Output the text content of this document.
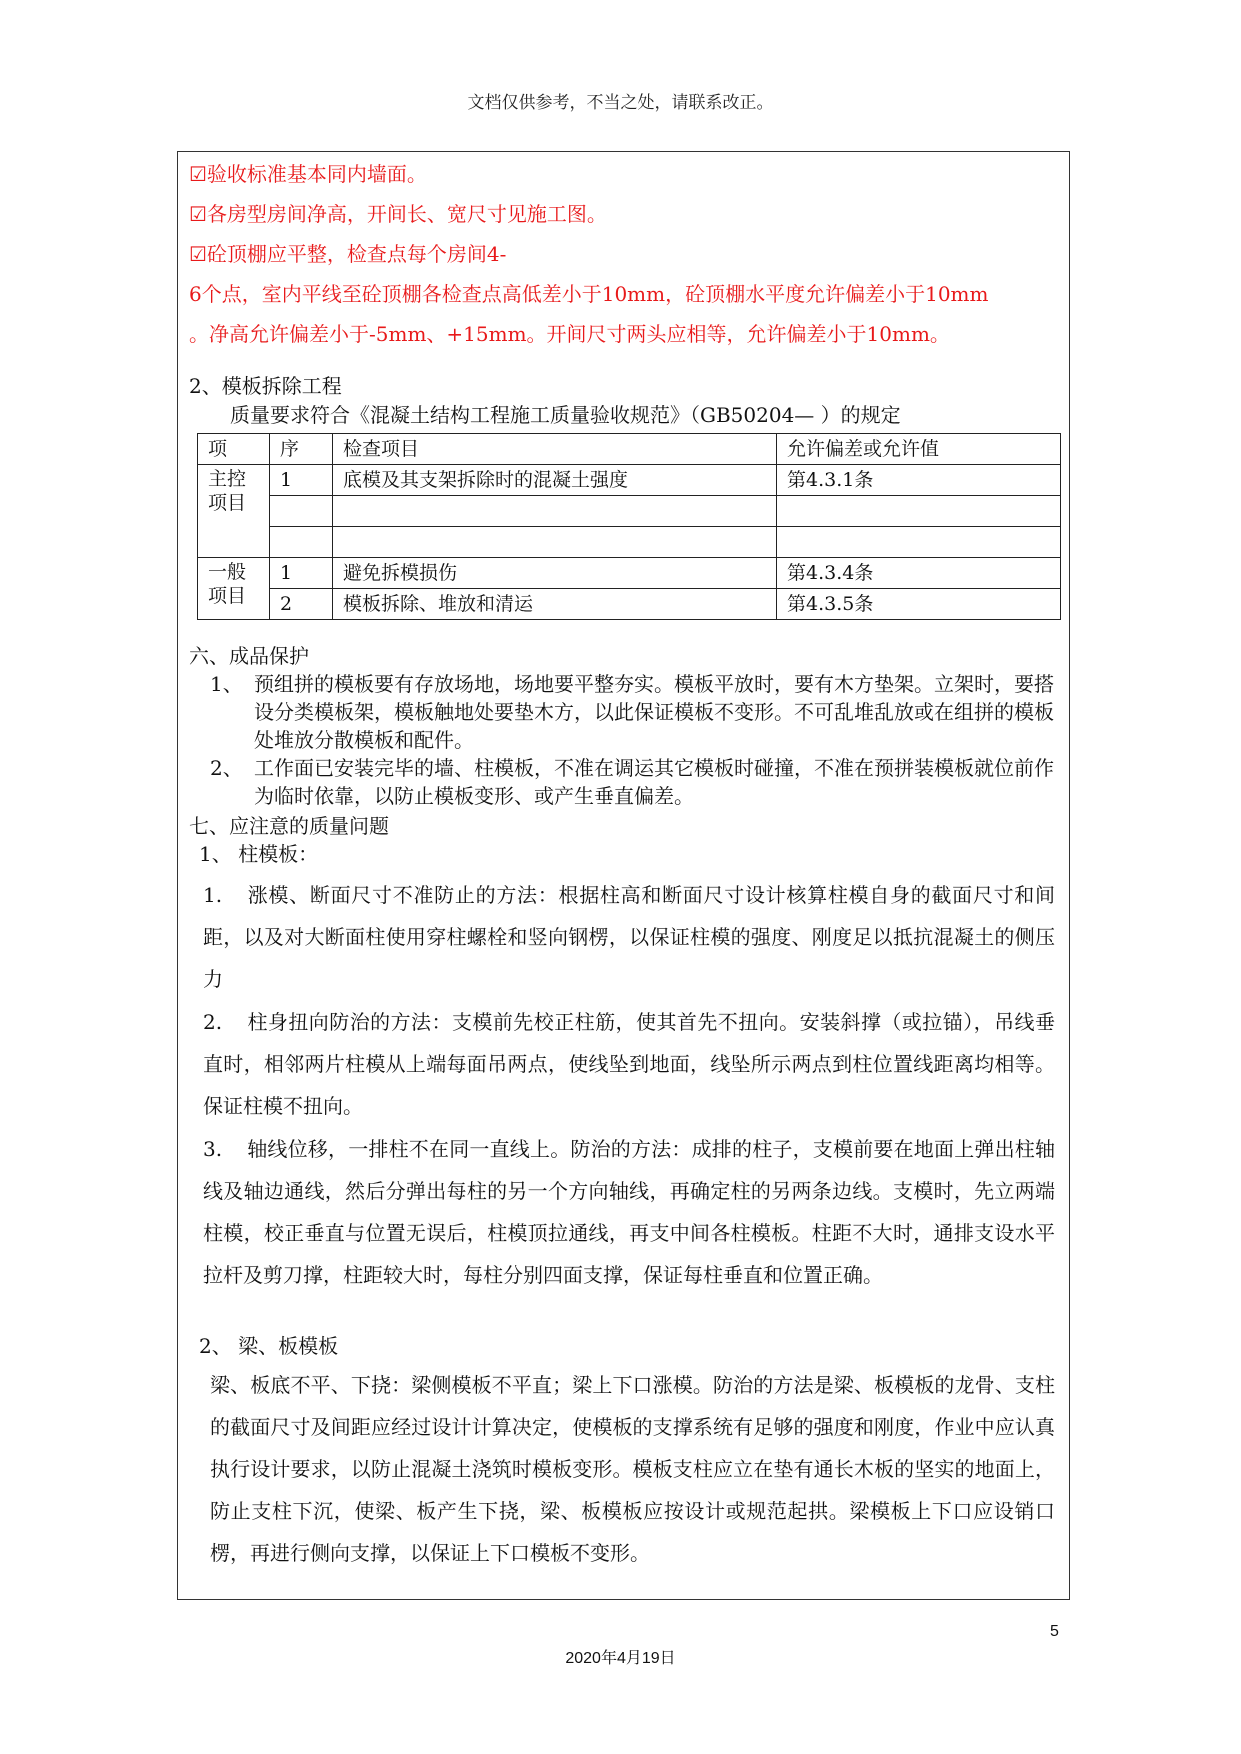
文档仅供参考，不当之处，请联系改正。
☑验收标准基本同内墙面。
☑各房型房间净高，开间长、宽尺寸见施工图。
☑砼顶棚应平整，检查点每个房间4-
6个点，室内平线至砼顶棚各检查点高低差小于10mm，砼顶棚水平度允许偏差小于10mm
。净高允许偏差小于-5mm、+15mm。开间尺寸两头应相等，允许偏差小于10mm。
2、模板拆除工程
质量要求符合《混凝土结构工程施工质量验收规范》（GB50204— ）的规定
项	序	检查项目	允许偏差或允许值
主控项目	1	底模及其支架拆除时的混凝土强度	第4.3.1条

一般项目	1	避免拆模损伤	第4.3.4条
	2	模板拆除、堆放和清运	第4.3.5条
六、成品保护
1、 预组拼的模板要有存放场地，场地要平整夯实。模板平放时，要有木方垫架。立架时，要搭设分类模板架，模板触地处要垫木方，以此保证模板不变形。不可乱堆乱放或在组拼的模板处堆放分散模板和配件。
2、 工作面已安装完毕的墙、柱模板，不准在调运其它模板时碰撞，不准在预拼装模板就位前作为临时依靠，以防止模板变形、或产生垂直偏差。
七、应注意的质量问题
1、 柱模板：
1. 涨模、断面尺寸不准防止的方法：根据柱高和断面尺寸设计核算柱模自身的截面尺寸和间距，以及对大断面柱使用穿柱螺栓和竖向钢楞，以保证柱模的强度、刚度足以抵抗混凝土的侧压力
2. 柱身扭向防治的方法：支模前先校正柱筋，使其首先不扭向。安装斜撑（或拉锚），吊线垂直时，相邻两片柱模从上端每面吊两点，使线坠到地面，线坠所示两点到柱位置线距离均相等。保证柱模不扭向。
3. 轴线位移，一排柱不在同一直线上。防治的方法：成排的柱子，支模前要在地面上弹出柱轴线及轴边通线，然后分弹出每柱的另一个方向轴线，再确定柱的另两条边线。支模时，先立两端柱模，校正垂直与位置无误后，柱模顶拉通线，再支中间各柱模板。柱距不大时，通排支设水平拉杆及剪刀撑，柱距较大时，每柱分别四面支撑，保证每柱垂直和位置正确。
2、 梁、板模板
梁、板底不平、下挠：梁侧模板不平直；梁上下口涨模。防治的方法是梁、板模板的龙骨、支柱的截面尺寸及间距应经过设计计算决定，使模板的支撑系统有足够的强度和刚度，作业中应认真执行设计要求，以防止混凝土浇筑时模板变形。模板支柱应立在垫有通长木板的坚实的地面上，防止支柱下沉，使梁、板产生下挠，梁、板模板应按设计或规范起拱。梁模板上下口应设销口楞，再进行侧向支撑，以保证上下口模板不变形。
5
2020年4月19日
